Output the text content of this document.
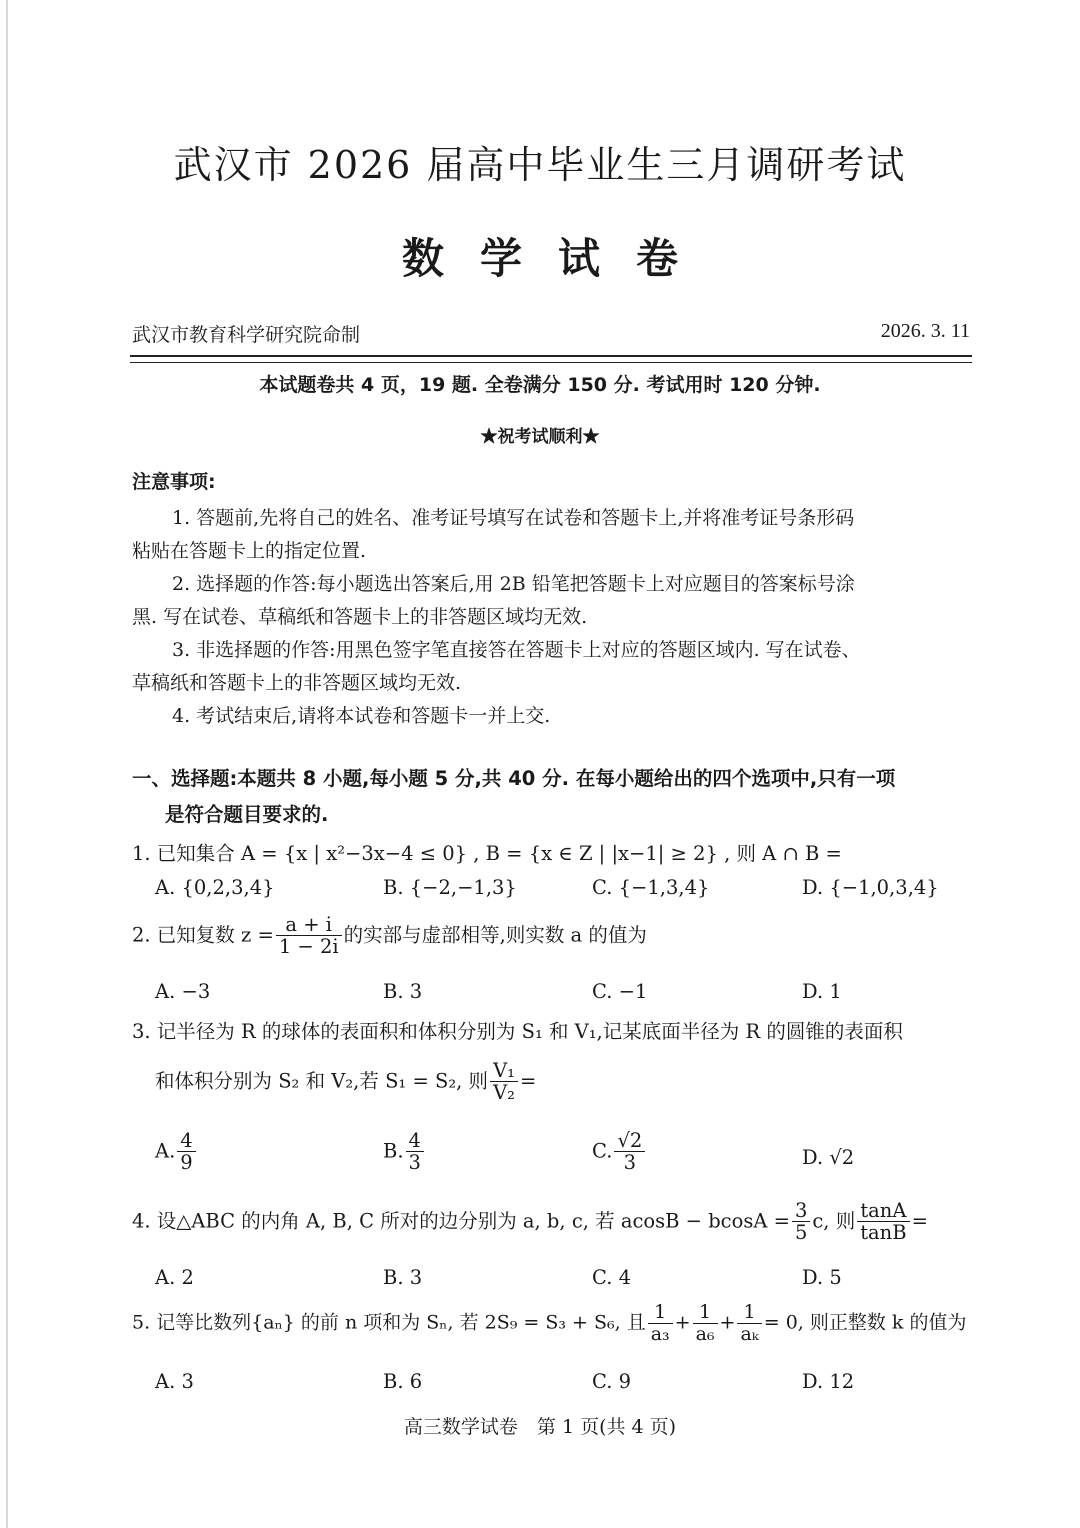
武汉市 2026 届高中毕业生三月调研考试
数学试卷
武汉市教育科学研究院命制	2026. 3. 11
本试题卷共 4 页，19 题. 全卷满分 150 分. 考试用时 120 分钟.
★祝考试顺利★
注意事项:
1. 答题前,先将自己的姓名、准考证号填写在试卷和答题卡上,并将准考证号条形码
粘贴在答题卡上的指定位置.
2. 选择题的作答:每小题选出答案后,用 2B 铅笔把答题卡上对应题目的答案标号涂
黑. 写在试卷、草稿纸和答题卡上的非答题区域均无效.
3. 非选择题的作答:用黑色签字笔直接答在答题卡上对应的答题区域内. 写在试卷、
草稿纸和答题卡上的非答题区域均无效.
4. 考试结束后,请将本试卷和答题卡一并上交.
一、选择题:本题共 8 小题,每小题 5 分,共 40 分. 在每小题给出的四个选项中,只有一项
是符合题目要求的.
1. 已知集合 A = {x | x²−3x−4 ≤ 0} , B = {x ∈ Z | |x−1| ≥ 2} , 则 A ∩ B =
A. {0,2,3,4}	B. {−2,−1,3}	C. {−1,3,4}	D. {−1,0,3,4}
2. 已知复数 $z = \frac{a + i}{1 - 2i}$ 的实部与虚部相等,则实数 a 的值为
A. −3	B. 3	C. −1	D. 1
3. 记半径为 R 的球体的表面积和体积分别为 S₁ 和 V₁,记某底面半径为 R 的圆锥的表面积
和体积分别为 S₂ 和 V₂,若 S₁ = S₂, 则 $\frac{\text{V₁}}{\text{V₂}}$ =
A. $\frac{4}{9}$	B. $\frac{4}{3}$	C. $\frac{√2}{3}$	D. √2
4. 设△ABC 的内角 A, B, C 所对的边分别为 a, b, c, 若 $acosB - bcosA = \frac{3}{5} c$, 则 $\frac{\tan A}{\tan B}$ =
A. 2	B. 3	C. 4	D. 5
5. 记等比数列{aₙ} 的前 n 项和为 Sₙ, 若 2S₉ = S₃ + S₆, 且 $\frac{1}{\text{a₃}} + \frac{1}{\text{a₆}} + \frac{1}{\text{aₖ}} = 0$, 则正整数 k 的值为
A. 3	B. 6	C. 9	D. 12
高三数学试卷　第 1 页(共 4 页)
